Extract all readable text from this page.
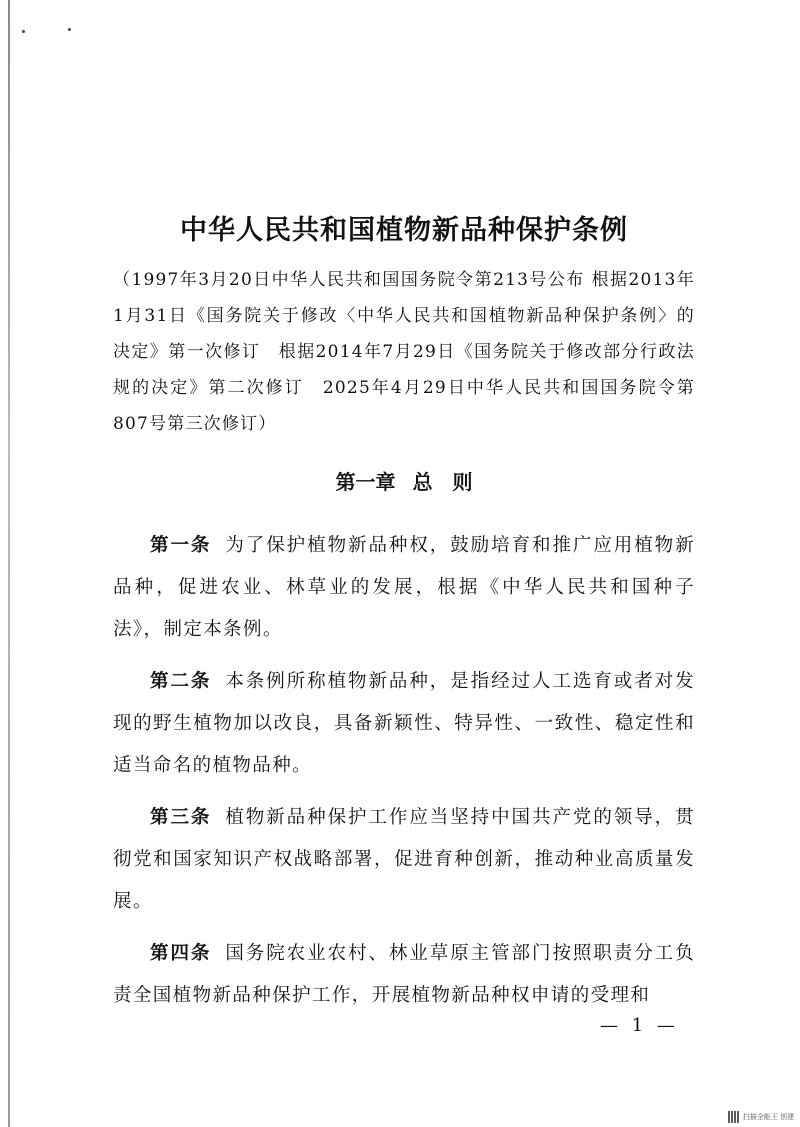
中华人民共和国植物新品种保护条例

（1997年3月20日中华人民共和国国务院令第213号公布 根据2013年1月31日《国务院关于修改〈中华人民共和国植物新品种保护条例〉的决定》第一次修订　根据2014年7月29日《国务院关于修改部分行政法规的决定》第二次修订　2025年4月29日中华人民共和国国务院令第807号第三次修订）

第一章 总　则

第一条 为了保护植物新品种权，鼓励培育和推广应用植物新品种，促进农业、林草业的发展，根据《中华人民共和国种子法》，制定本条例。

第二条 本条例所称植物新品种，是指经过人工选育或者对发现的野生植物加以改良，具备新颖性、特异性、一致性、稳定性和适当命名的植物品种。

第三条 植物新品种保护工作应当坚持中国共产党的领导，贯彻党和国家知识产权战略部署，促进育种创新，推动种业高质量发展。

第四条 国务院农业农村、林业草原主管部门按照职责分工负责全国植物新品种保护工作，开展植物新品种权申请的受理和

— 1 —
扫描全能王 创建
